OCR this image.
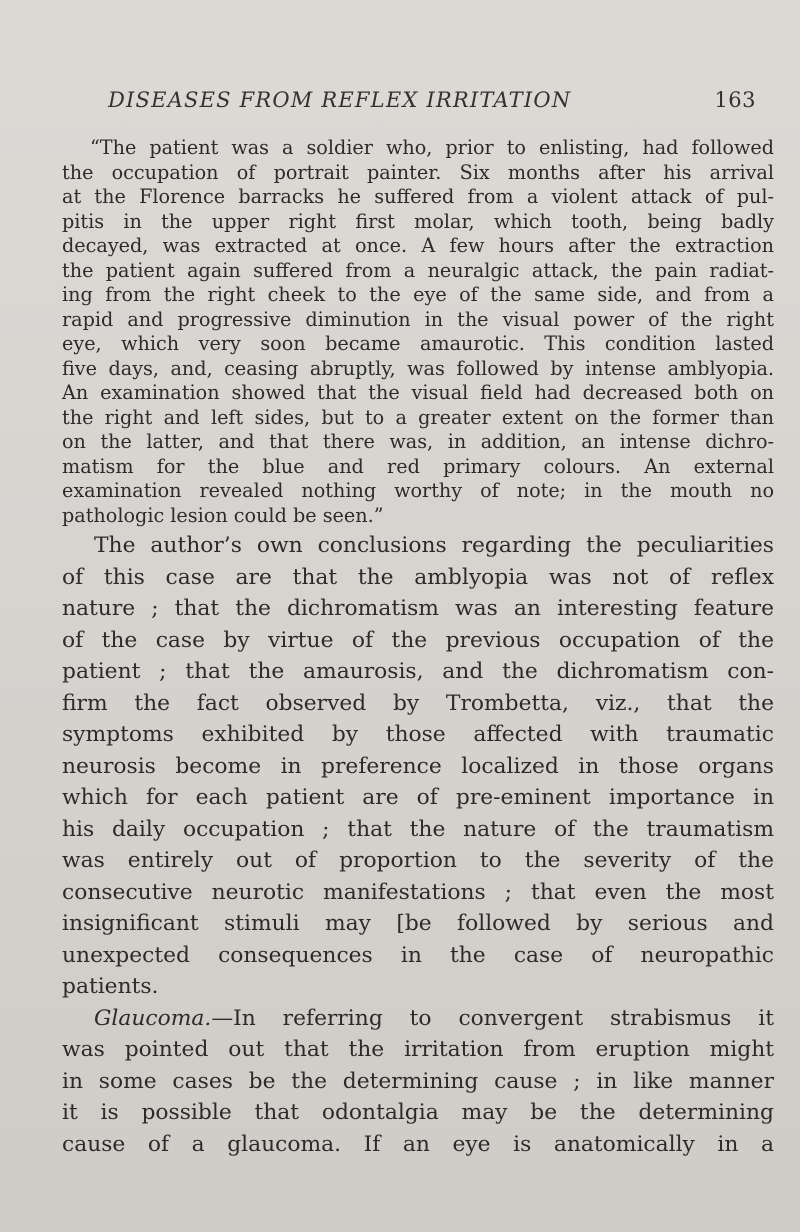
DISEASES FROM REFLEX IRRITATION	163
“The patient was a soldier who, prior to enlisting, had followed
the occupation of portrait painter. Six months after his arrival
at the Florence barracks he suffered from a violent attack of pul-
pitis in the upper right first molar, which tooth, being badly
decayed, was extracted at once. A few hours after the extraction
the patient again suffered from a neuralgic attack, the pain radiat-
ing from the right cheek to the eye of the same side, and from a
rapid and progressive diminution in the visual power of the right
eye, which very soon became amaurotic. This condition lasted
five days, and, ceasing abruptly, was followed by intense amblyopia.
An examination showed that the visual field had decreased both on
the right and left sides, but to a greater extent on the former than
on the latter, and that there was, in addition, an intense dichro-
matism for the blue and red primary colours. An external
examination revealed nothing worthy of note; in the mouth no
pathologic lesion could be seen.”
The author’s own conclusions regarding the peculiarities
of this case are that the amblyopia was not of reflex
nature ; that the dichromatism was an interesting feature
of the case by virtue of the previous occupation of the
patient ; that the amaurosis, and the dichromatism con-
firm the fact observed by Trombetta, viz., that the
symptoms exhibited by those affected with traumatic
neurosis become in preference localized in those organs
which for each patient are of pre-eminent importance in
his daily occupation ; that the nature of the traumatism
was entirely out of proportion to the severity of the
consecutive neurotic manifestations ; that even the most
insignificant stimuli may [be followed by serious and
unexpected consequences in the case of neuropathic
patients.
Glaucoma.—In referring to convergent strabismus it
was pointed out that the irritation from eruption might
in some cases be the determining cause ; in like manner
it is possible that odontalgia may be the determining
cause of a glaucoma. If an eye is anatomically in a
